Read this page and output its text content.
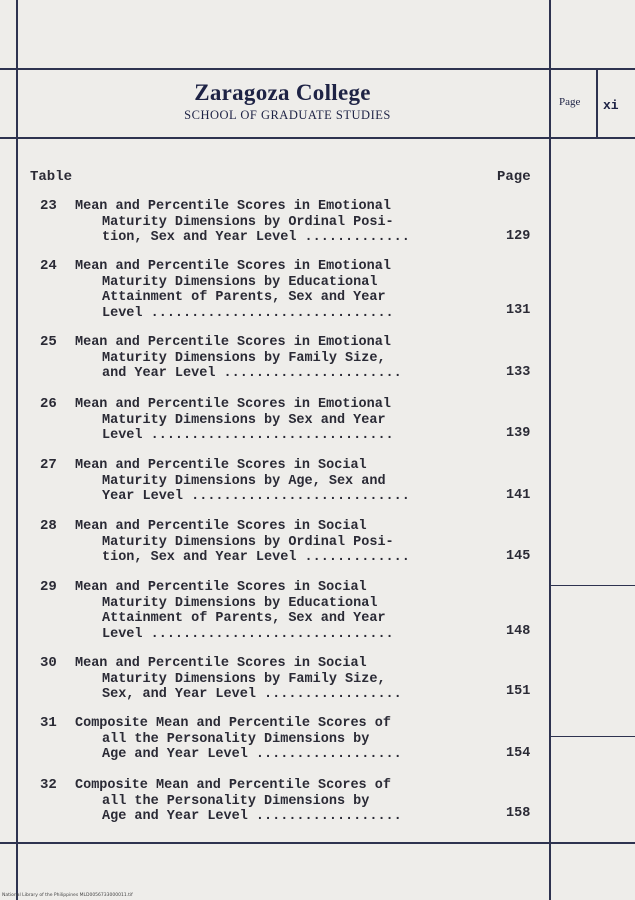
Zaragoza College
SCHOOL OF GRADUATE STUDIES
Page xi
Table	Page
23 Mean and Percentile Scores in Emotional
Maturity Dimensions by Ordinal Posi-
tion, Sex and Year Level .............	129
24 Mean and Percentile Scores in Emotional
Maturity Dimensions by Educational
Attainment of Parents, Sex and Year
Level ..............................	131
25 Mean and Percentile Scores in Emotional
Maturity Dimensions by Family Size,
and Year Level ......................	133
26 Mean and Percentile Scores in Emotional
Maturity Dimensions by Sex and Year
Level ..............................	139
27 Mean and Percentile Scores in Social
Maturity Dimensions by Age, Sex and
Year Level ...........................	141
28 Mean and Percentile Scores in Social
Maturity Dimensions by Ordinal Posi-
tion, Sex and Year Level .............	145
29 Mean and Percentile Scores in Social
Maturity Dimensions by Educational
Attainment of Parents, Sex and Year
Level ..............................	148
30 Mean and Percentile Scores in Social
Maturity Dimensions by Family Size,
Sex, and Year Level .................	151
31 Composite Mean and Percentile Scores of
all the Personality Dimensions by
Age and Year Level ..................	154
32 Composite Mean and Percentile Scores of
all the Personality Dimensions by
Age and Year Level ..................	158
National Library of the Philippines MLD0056733000011.tif
